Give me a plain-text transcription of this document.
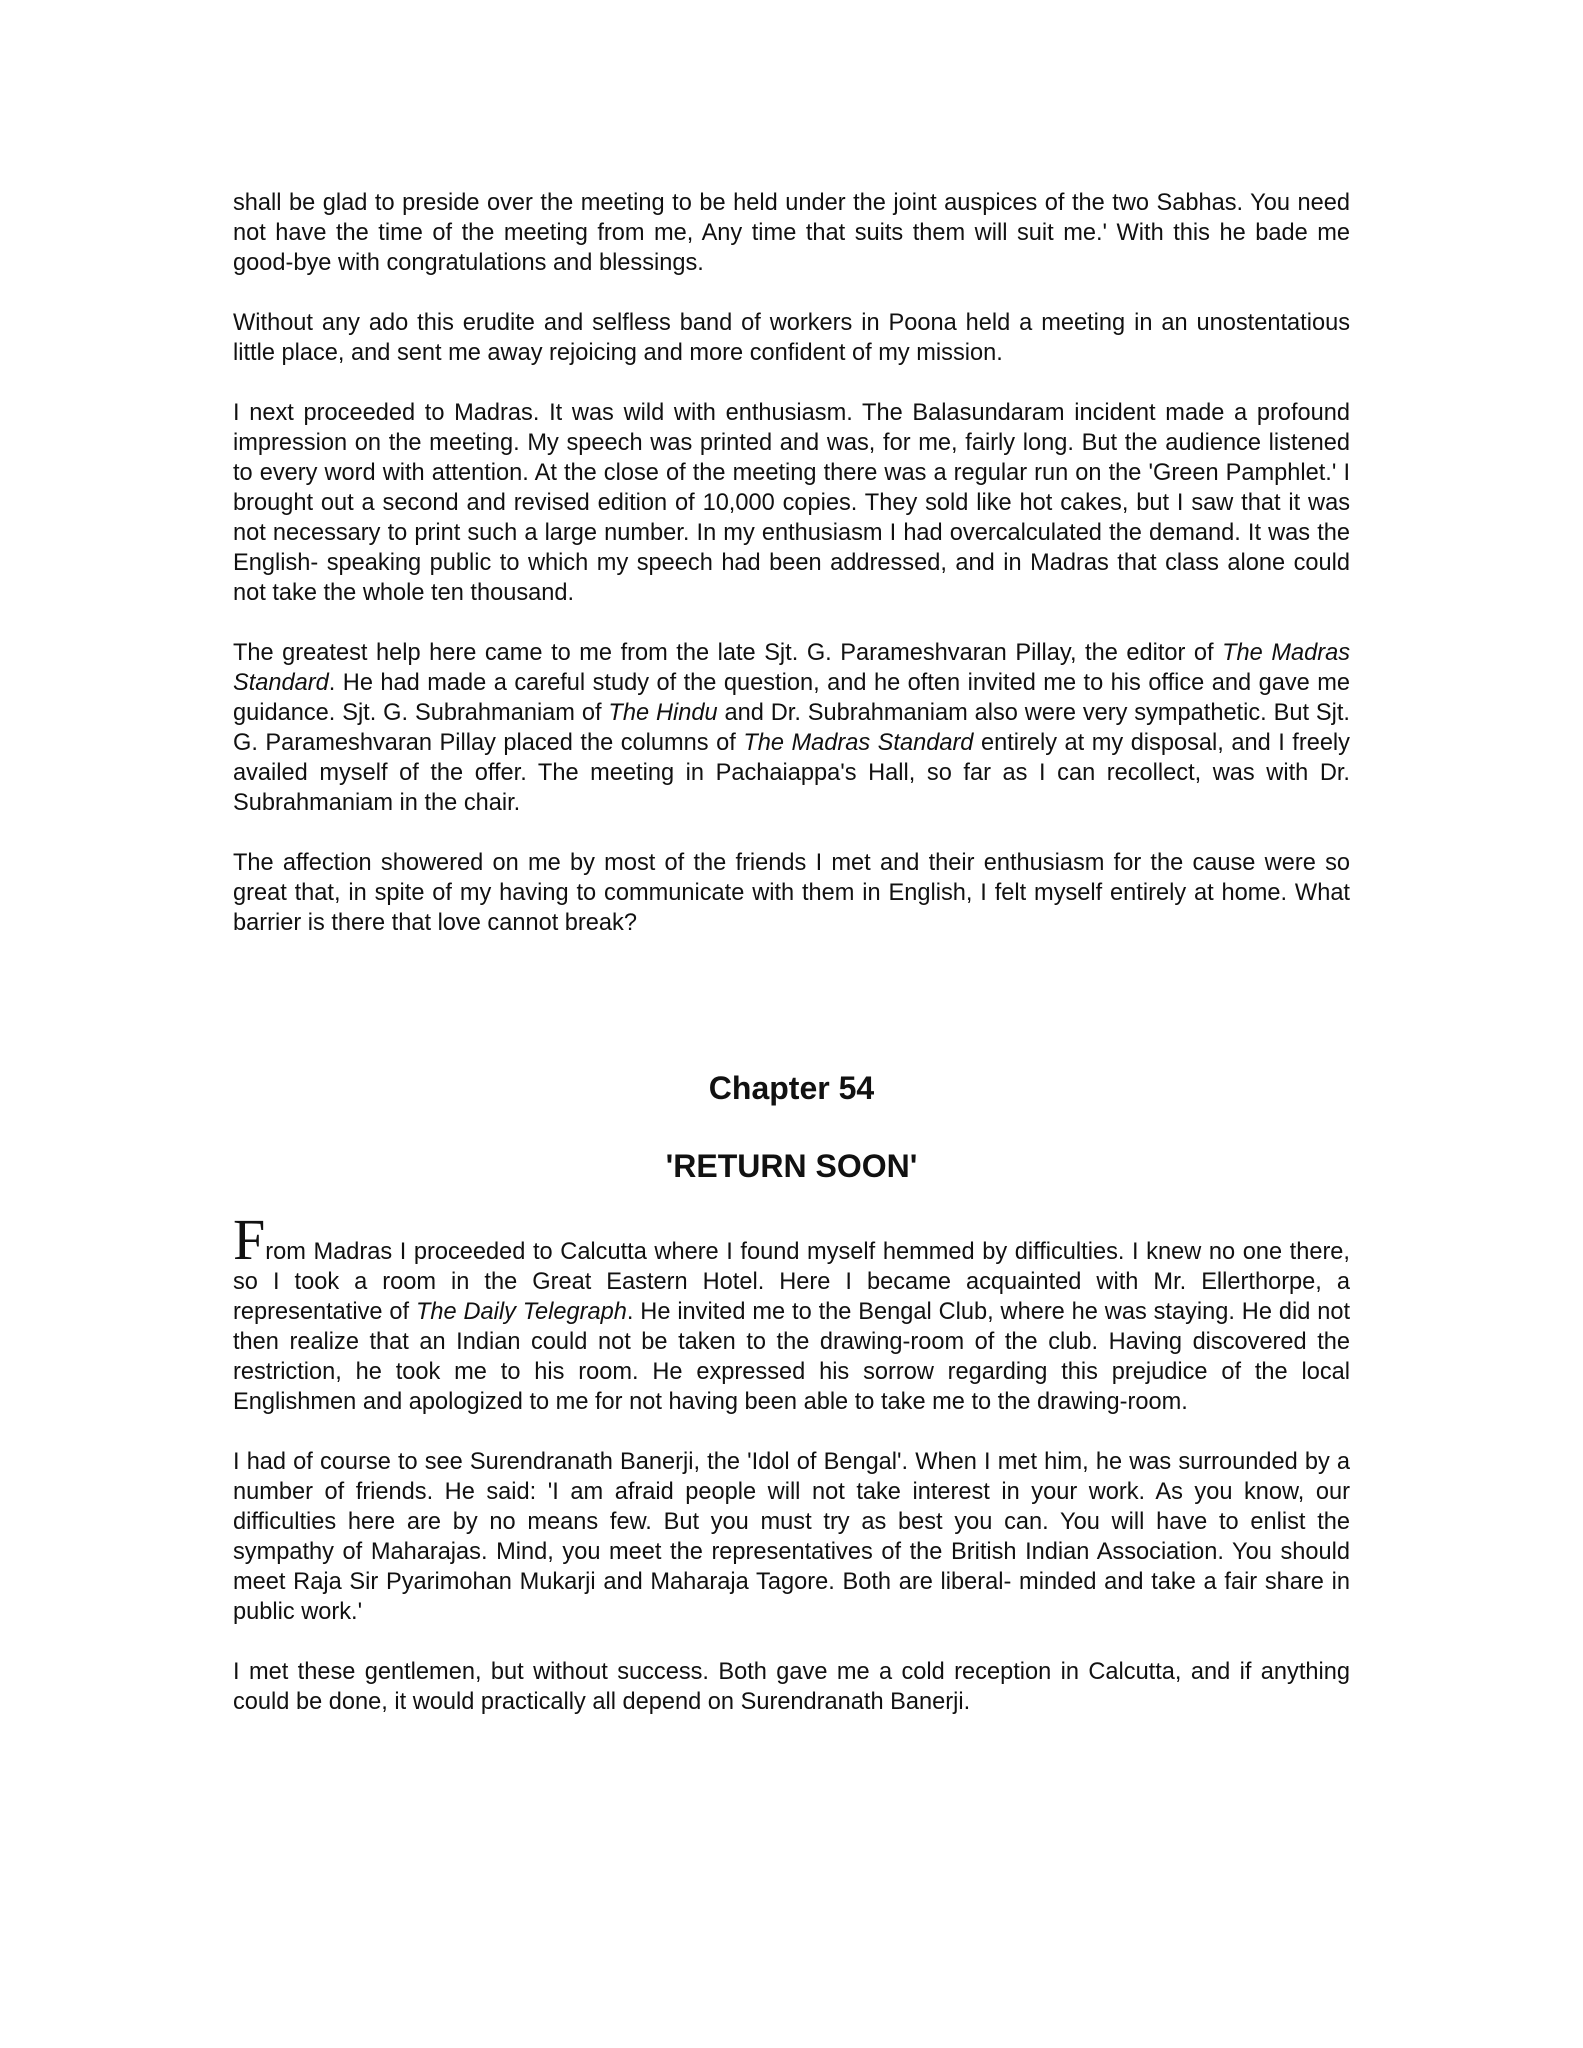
shall be glad to preside over the meeting to be held under the joint auspices of the two Sabhas. You need not have the time of the meeting from me, Any time that suits them will suit me.' With this he bade me good-bye with congratulations and blessings.

Without any ado this erudite and selfless band of workers in Poona held a meeting in an unostentatious little place, and sent me away rejoicing and more confident of my mission.

I next proceeded to Madras. It was wild with enthusiasm. The Balasundaram incident made a profound impression on the meeting. My speech was printed and was, for me, fairly long. But the audience listened to every word with attention. At the close of the meeting there was a regular run on the 'Green Pamphlet.' I brought out a second and revised edition of 10,000 copies. They sold like hot cakes, but I saw that it was not necessary to print such a large number. In my enthusiasm I had overcalculated the demand. It was the English- speaking public to which my speech had been addressed, and in Madras that class alone could not take the whole ten thousand.

The greatest help here came to me from the late Sjt. G. Parameshvaran Pillay, the editor of The Madras Standard. He had made a careful study of the question, and he often invited me to his office and gave me guidance. Sjt. G. Subrahmaniam of The Hindu and Dr. Subrahmaniam also were very sympathetic. But Sjt. G. Parameshvaran Pillay placed the columns of The Madras Standard entirely at my disposal, and I freely availed myself of the offer. The meeting in Pachaiappa's Hall, so far as I can recollect, was with Dr. Subrahmaniam in the chair.

The affection showered on me by most of the friends I met and their enthusiasm for the cause were so great that, in spite of my having to communicate with them in English, I felt myself entirely at home. What barrier is there that love cannot break?

Chapter 54
'RETURN SOON'

From Madras I proceeded to Calcutta where I found myself hemmed by difficulties. I knew no one there, so I took a room in the Great Eastern Hotel. Here I became acquainted with Mr. Ellerthorpe, a representative of The Daily Telegraph. He invited me to the Bengal Club, where he was staying. He did not then realize that an Indian could not be taken to the drawing-room of the club. Having discovered the restriction, he took me to his room. He expressed his sorrow regarding this prejudice of the local Englishmen and apologized to me for not having been able to take me to the drawing-room.

I had of course to see Surendranath Banerji, the 'Idol of Bengal'. When I met him, he was surrounded by a number of friends. He said: 'I am afraid people will not take interest in your work. As you know, our difficulties here are by no means few. But you must try as best you can. You will have to enlist the sympathy of Maharajas. Mind, you meet the representatives of the British Indian Association. You should meet Raja Sir Pyarimohan Mukarji and Maharaja Tagore. Both are liberal- minded and take a fair share in public work.'

I met these gentlemen, but without success. Both gave me a cold reception in Calcutta, and if anything could be done, it would practically all depend on Surendranath Banerji.
